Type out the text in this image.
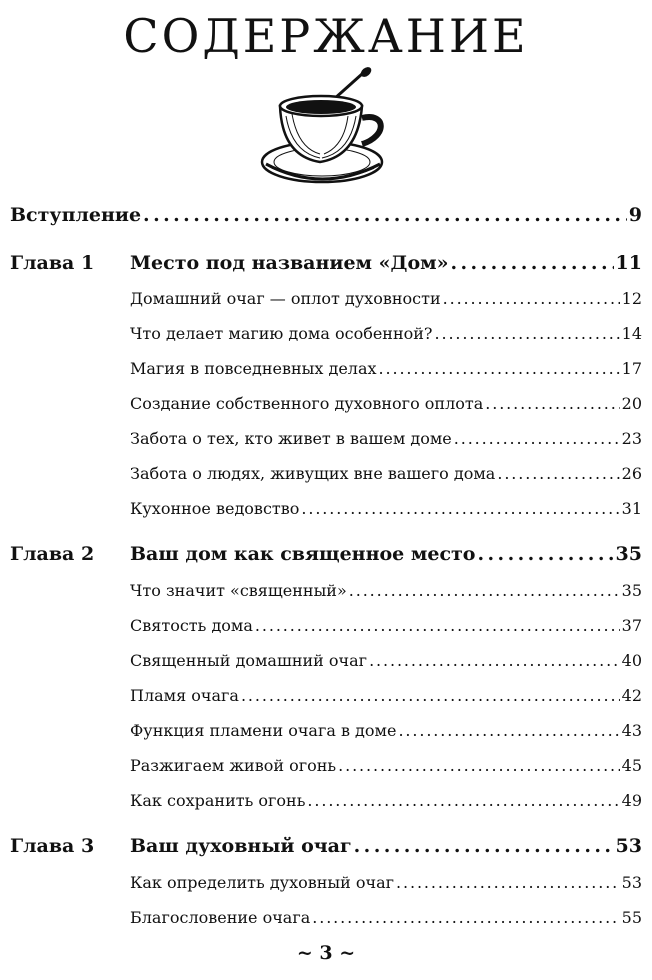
СОДЕРЖАНИЕ
Вступление . . .	9
Глава 1 Место под названием «Дом» . . .	11
Домашний очаг — оплот духовности . . .	12
Что делает магию дома особенной? . . .	14
Магия в повседневных делах . . .	17
Создание собственного духовного оплота . . .	20
Забота о тех, кто живет в вашем доме . . .	23
Забота о людях, живущих вне вашего дома . . .	26
Кухонное ведовство . . .	31
Глава 2 Ваш дом как священное место . . .	35
Что значит «священный» . . .	35
Святость дома . . .	37
Священный домашний очаг . . .	40
Пламя очага . . .	42
Функция пламени очага в доме . . .	43
Разжигаем живой огонь . . .	45
Как сохранить огонь . . .	49
Глава 3 Ваш духовный очаг . . .	53
Как определить духовный очаг . . .	53
Благословение очага . . .	55
~ 3 ~
